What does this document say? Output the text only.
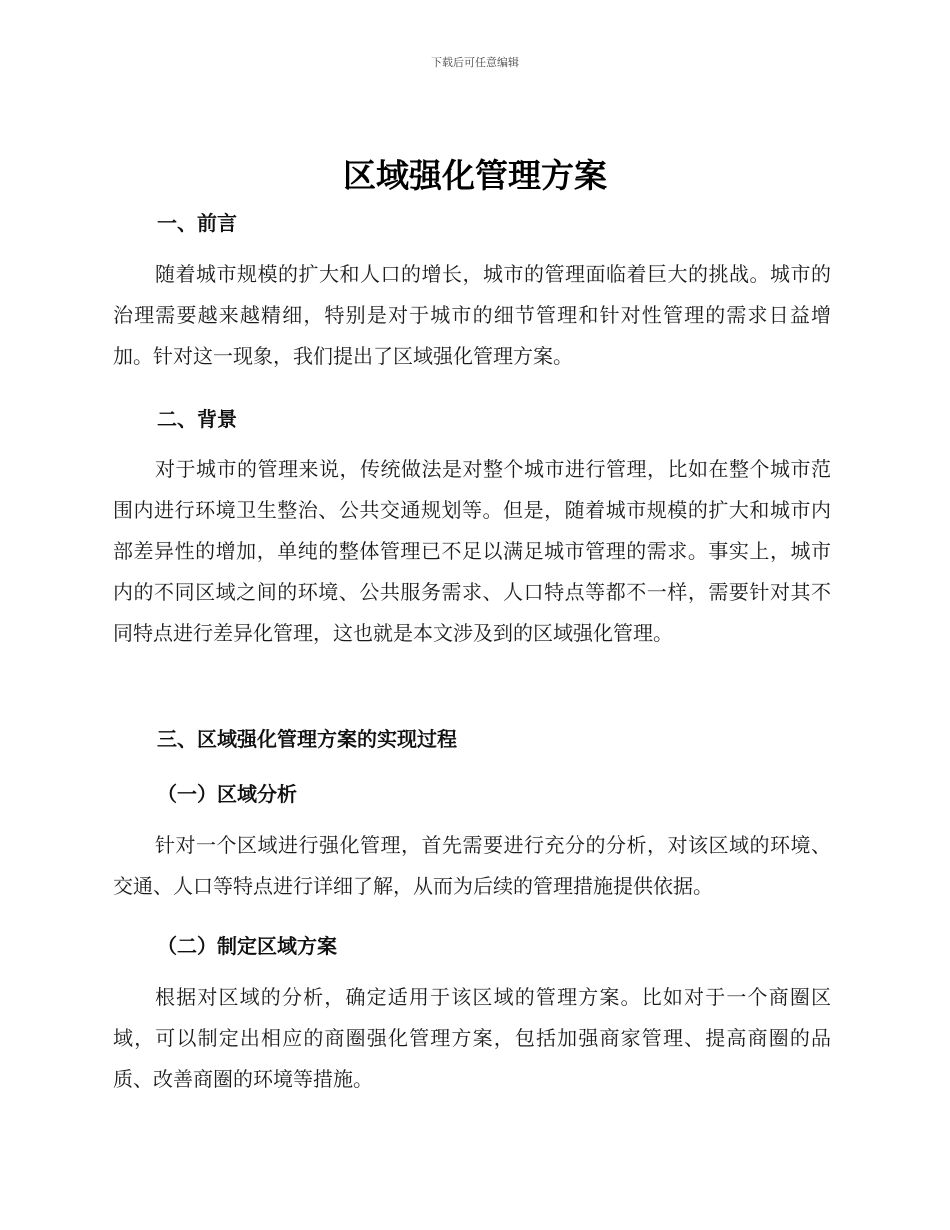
下载后可任意编辑
区域强化管理方案
一、前言

随着城市规模的扩大和人口的增长，城市的管理面临着巨大的挑战。城市的治理需要越来越精细，特别是对于城市的细节管理和针对性管理的需求日益增加。针对这一现象，我们提出了区域强化管理方案。

二、背景

对于城市的管理来说，传统做法是对整个城市进行管理，比如在整个城市范围内进行环境卫生整治、公共交通规划等。但是，随着城市规模的扩大和城市内部差异性的增加，单纯的整体管理已不足以满足城市管理的需求。事实上，城市内的不同区域之间的环境、公共服务需求、人口特点等都不一样，需要针对其不同特点进行差异化管理，这也就是本文涉及到的区域强化管理。

三、区域强化管理方案的实现过程
（一）区域分析

针对一个区域进行强化管理，首先需要进行充分的分析，对该区域的环境、交通、人口等特点进行详细了解，从而为后续的管理措施提供依据。

（二）制定区域方案

根据对区域的分析，确定适用于该区域的管理方案。比如对于一个商圈区域，可以制定出相应的商圈强化管理方案，包括加强商家管理、提高商圈的品质、改善商圈的环境等措施。
